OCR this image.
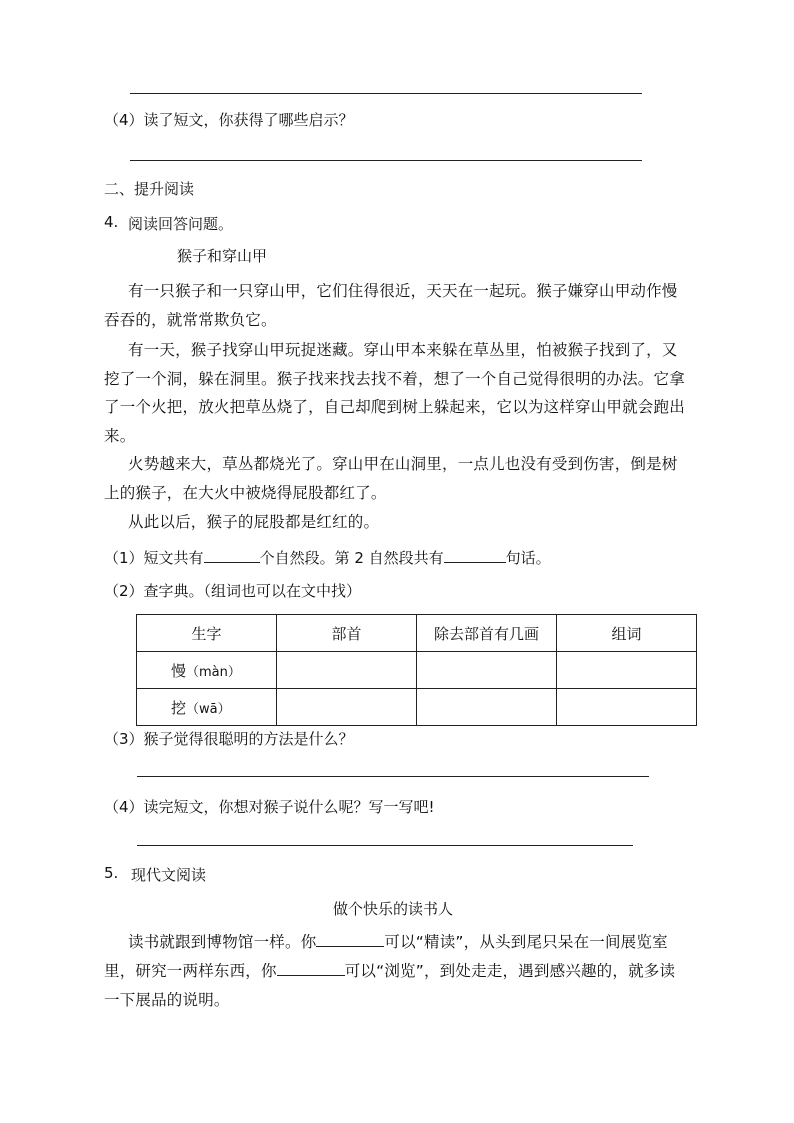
（4）读了短文，你获得了哪些启示？
二、提升阅读
4. 阅读回答问题。
猴子和穿山甲
有一只猴子和一只穿山甲，它们住得很近，天天在一起玩。猴子嫌穿山甲动作慢
吞吞的，就常常欺负它。
有一天，猴子找穿山甲玩捉迷藏。穿山甲本来躲在草丛里，怕被猴子找到了，又
挖了一个洞，躲在洞里。猴子找来找去找不着，想了一个自己觉得很明的办法。它拿
了一个火把，放火把草丛烧了，自己却爬到树上躲起来，它以为这样穿山甲就会跑出
来。
火势越来大，草丛都烧光了。穿山甲在山洞里，一点儿也没有受到伤害，倒是树
上的猴子，在大火中被烧得屁股都红了。
从此以后，猴子的屁股都是红红的。
（1）短文共有	个自然段。第 2 自然段共有	句话。
（2）查字典。（组词也可以在文中找）
生字	部首	除去部首有几画	组词
慢（màn）			
挖（wā）			
（3）猴子觉得很聪明的方法是什么？
（4）读完短文，你想对猴子说什么呢？写一写吧!
5. 现代文阅读
做个快乐的读书人
读书就跟到博物馆一样。你	可以“精读”，从头到尾只呆在一间展览室
里，研究一两样东西，你	可以“浏览”，到处走走，遇到感兴趣的，就多读
一下展品的说明。
